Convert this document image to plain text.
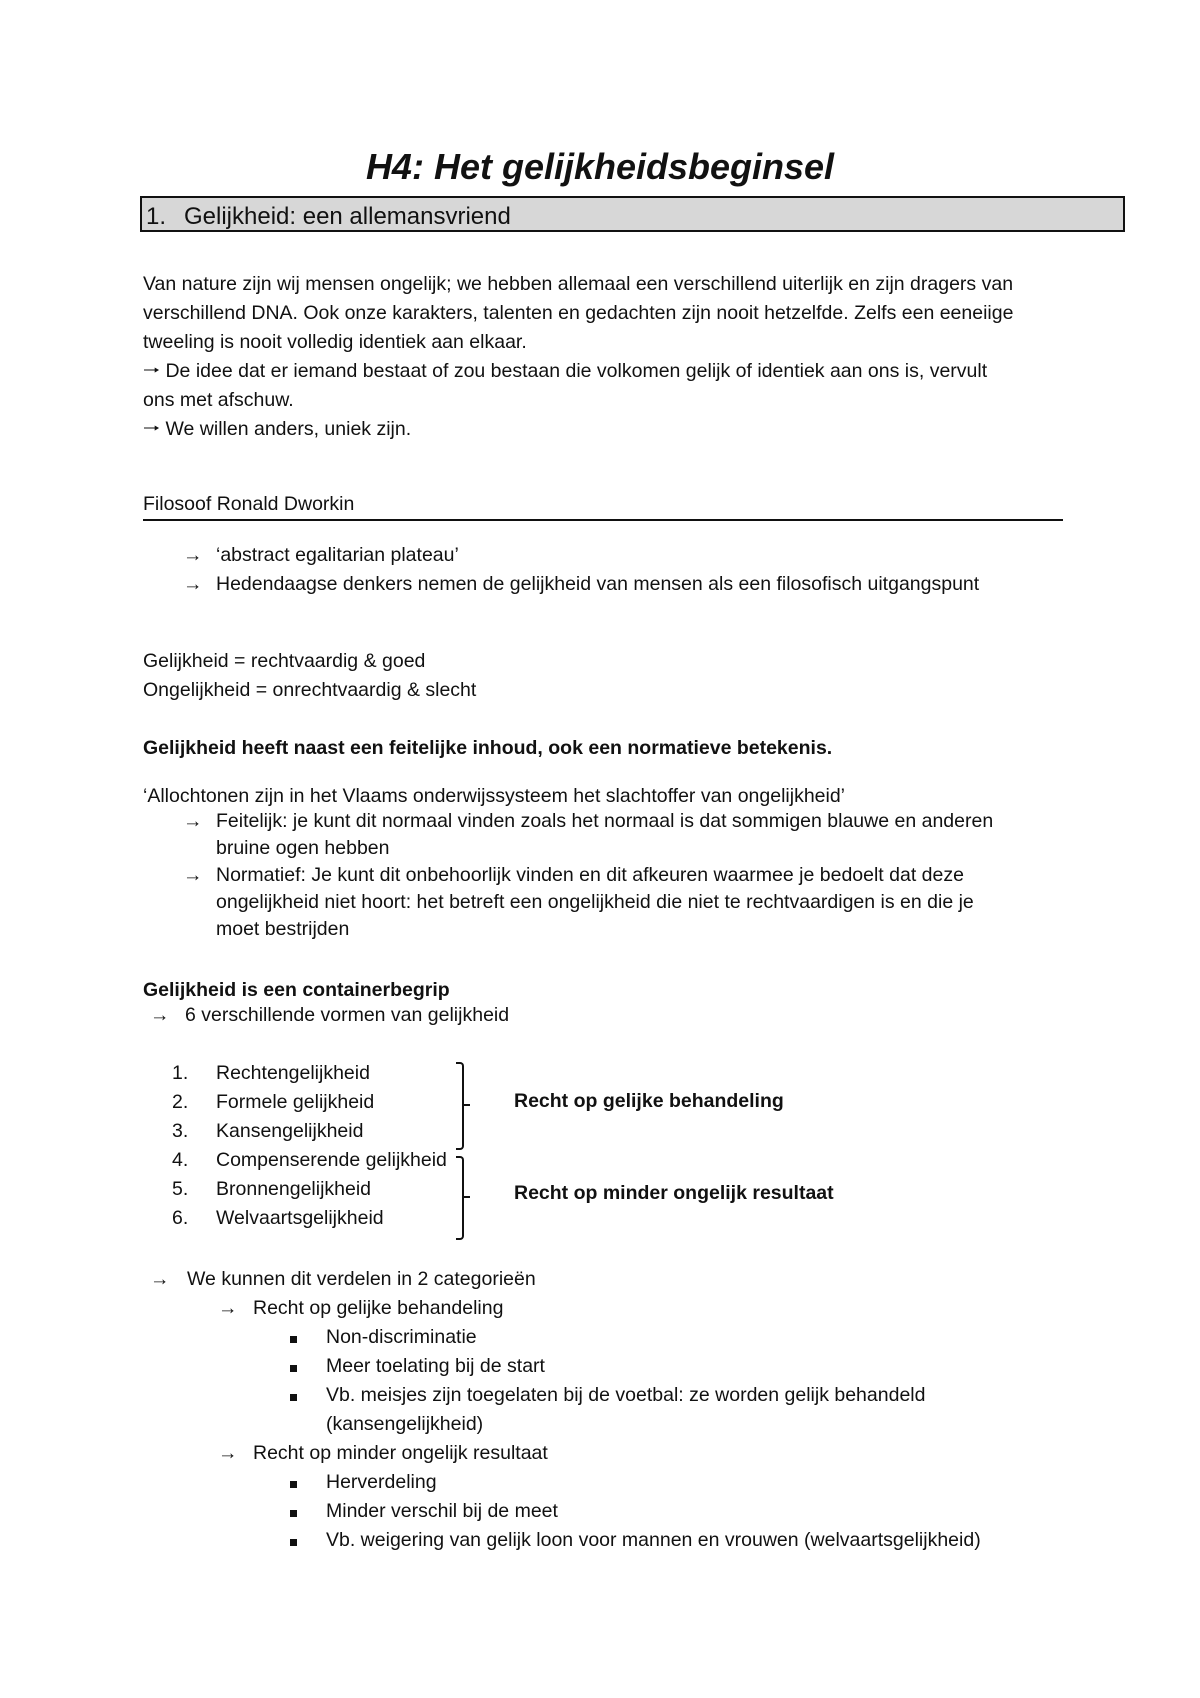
H4: Het gelijkheidsbeginsel
1. Gelijkheid: een allemansvriend
Van nature zijn wij mensen ongelijk; we hebben allemaal een verschillend uiterlijk en zijn dragers van
verschillend DNA. Ook onze karakters, talenten en gedachten zijn nooit hetzelfde. Zelfs een eeneiige
tweeling is nooit volledig identiek aan elkaar.
🠒 De idee dat er iemand bestaat of zou bestaan die volkomen gelijk of identiek aan ons is, vervult
ons met afschuw.
🠒 We willen anders, uniek zijn.
Filosoof Ronald Dworkin
→ ‘abstract egalitarian plateau’
→ Hedendaagse denkers nemen de gelijkheid van mensen als een filosofisch uitgangspunt
Gelijkheid = rechtvaardig & goed
Ongelijkheid = onrechtvaardig & slecht
Gelijkheid heeft naast een feitelijke inhoud, ook een normatieve betekenis.
‘Allochtonen zijn in het Vlaams onderwijssysteem het slachtoffer van ongelijkheid’
→ Feitelijk: je kunt dit normaal vinden zoals het normaal is dat sommigen blauwe en anderen
bruine ogen hebben
→ Normatief: Je kunt dit onbehoorlijk vinden en dit afkeuren waarmee je bedoelt dat deze
ongelijkheid niet hoort: het betreft een ongelijkheid die niet te rechtvaardigen is en die je
moet bestrijden
Gelijkheid is een containerbegrip
→ 6 verschillende vormen van gelijkheid
1. Rechtengelijkheid
2. Formele gelijkheid
3. Kansengelijkheid
4. Compenserende gelijkheid
5. Bronnengelijkheid
6. Welvaartsgelijkheid
Recht op gelijke behandeling
Recht op minder ongelijk resultaat
→ We kunnen dit verdelen in 2 categorieën
→ Recht op gelijke behandeling
Non-discriminatie
Meer toelating bij de start
Vb. meisjes zijn toegelaten bij de voetbal: ze worden gelijk behandeld
(kansengelijkheid)
→ Recht op minder ongelijk resultaat
Herverdeling
Minder verschil bij de meet
Vb. weigering van gelijk loon voor mannen en vrouwen (welvaartsgelijkheid)
